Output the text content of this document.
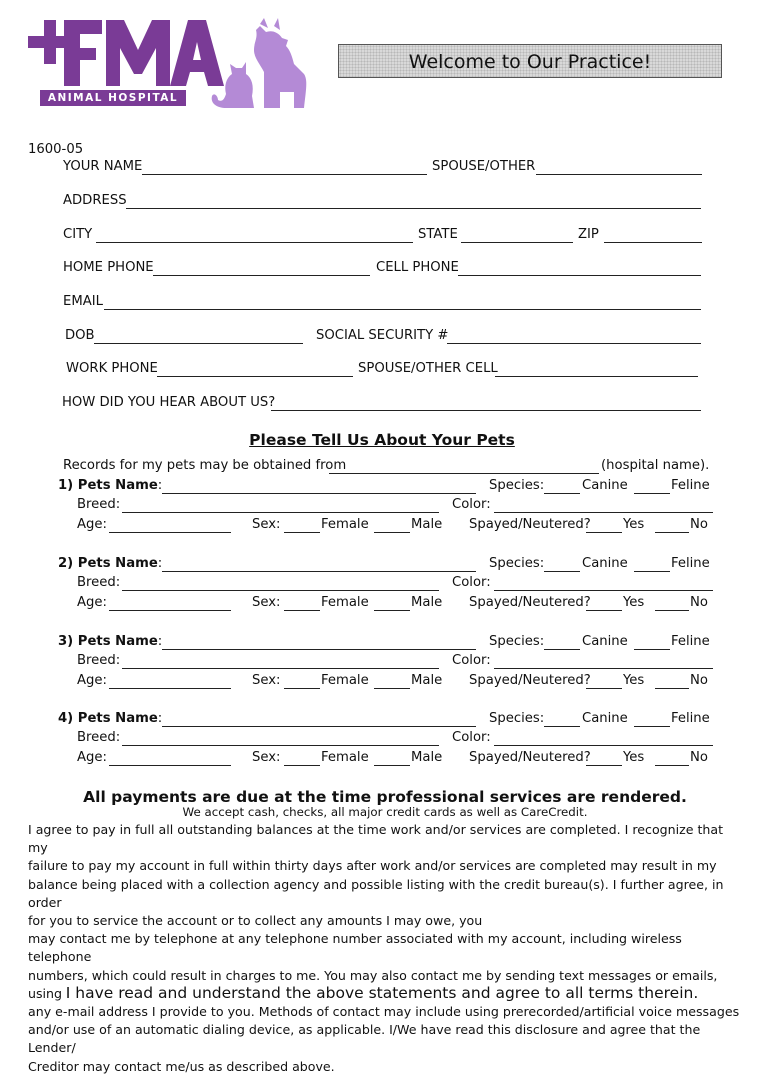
ANIMAL HOSPITAL
Welcome to Our Practice!
1600-05
YOUR NAME	SPOUSE/OTHER
ADDRESS
CITY	STATE	ZIP
HOME PHONE	CELL PHONE
EMAIL
DOB	SOCIAL SECURITY #
WORK PHONE	SPOUSE/OTHER CELL
HOW DID YOU HEAR ABOUT US?
Please Tell Us About Your Pets
Records for my pets may be obtained from	(hospital name).
1) Pets Name:	Species:	Canine	Feline
Breed:	Color:
Age:	Sex:	Female	Male Spayed/Neutered? Yes	No
2) Pets Name:	Species:	Canine	Feline
Breed:	Color:
Age:	Sex:	Female	Male Spayed/Neutered? Yes	No
3) Pets Name:	Species:	Canine	Feline
Breed:	Color:
Age:	Sex:	Female	Male Spayed/Neutered? Yes	No
4) Pets Name:	Species:	Canine	Feline
Breed:	Color:
Age:	Sex:	Female	Male Spayed/Neutered? Yes	No
All payments are due at the time professional services are rendered.
We accept cash, checks, all major credit cards as well as CareCredit.
I agree to pay in full all outstanding balances at the time work and/or services are completed. I recognize that my
failure to pay my account in full within thirty days after work and/or services are completed may result in my
balance being placed with a collection agency and possible listing with the credit bureau(s). I further agree, in order
for you to service the account or to collect any amounts I may owe, you
may contact me by telephone at any telephone number associated with my account, including wireless telephone
numbers, which could result in charges to me. You may also contact me by sending text messages or emails, using
any e-mail address I provide to you. Methods of contact may include using prerecorded/artificial voice messages
and/or use of an automatic dialing device, as applicable. I/We have read this disclosure and agree that the Lender/
Creditor may contact me/us as described above.
I have read and understand the above statements and agree to all terms therein.
